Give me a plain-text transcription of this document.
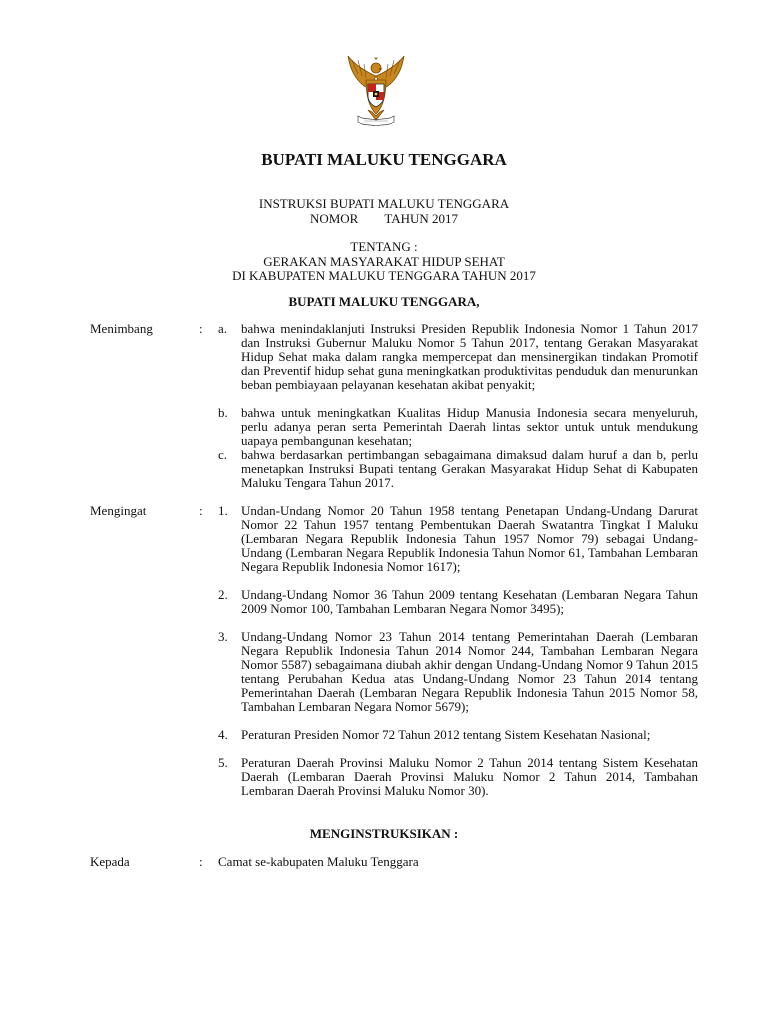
BUPATI MALUKU TENGGARA
INSTRUKSI BUPATI MALUKU TENGGARA
NOMOR TAHUN 2017
TENTANG :
GERAKAN MASYARAKAT HIDUP SEHAT
DI KABUPATEN MALUKU TENGGARA TAHUN 2017
BUPATI MALUKU TENGGARA,
Menimbang	: a. bahwa menindaklanjuti Instruksi Presiden Republik Indonesia Nomor 1 Tahun 2017 dan Instruksi Gubernur Maluku Nomor 5 Tahun 2017, tentang Gerakan Masyarakat Hidup Sehat maka dalam rangka mempercepat dan mensinergikan tindakan Promotif dan Preventif hidup sehat guna meningkatkan produktivitas penduduk dan menurunkan beban pembiayaan pelayanan kesehatan akibat penyakit;
b. bahwa untuk meningkatkan Kualitas Hidup Manusia Indonesia secara menyeluruh, perlu adanya peran serta Pemerintah Daerah lintas sektor untuk untuk mendukung uapaya pembangunan kesehatan;
c. bahwa berdasarkan pertimbangan sebagaimana dimaksud dalam huruf a dan b, perlu menetapkan Instruksi Bupati tentang Gerakan Masyarakat Hidup Sehat di Kabupaten Maluku Tengara Tahun 2017.
Mengingat	: 1. Undan-Undang Nomor 20 Tahun 1958 tentang Penetapan Undang-Undang Darurat Nomor 22 Tahun 1957 tentang Pembentukan Daerah Swatantra Tingkat I Maluku (Lembaran Negara Republik Indonesia Tahun 1957 Nomor 79) sebagai Undang-Undang (Lembaran Negara Republik Indonesia Tahun Nomor 61, Tambahan Lembaran Negara Republik Indonesia Nomor 1617);
2. Undang-Undang Nomor 36 Tahun 2009 tentang Kesehatan (Lembaran Negara Tahun 2009 Nomor 100, Tambahan Lembaran Negara Nomor 3495);
3. Undang-Undang Nomor 23 Tahun 2014 tentang Pemerintahan Daerah (Lembaran Negara Republik Indonesia Tahun 2014 Nomor 244, Tambahan Lembaran Negara Nomor 5587) sebagaimana diubah akhir dengan Undang-Undang Nomor 9 Tahun 2015 tentang Perubahan Kedua atas Undang-Undang Nomor 23 Tahun 2014 tentang Pemerintahan Daerah (Lembaran Negara Republik Indonesia Tahun 2015 Nomor 58, Tambahan Lembaran Negara Nomor 5679);
4. Peraturan Presiden Nomor 72 Tahun 2012 tentang Sistem Kesehatan Nasional;
5. Peraturan Daerah Provinsi Maluku Nomor 2 Tahun 2014 tentang Sistem Kesehatan Daerah (Lembaran Daerah Provinsi Maluku Nomor 2 Tahun 2014, Tambahan Lembaran Daerah Provinsi Maluku Nomor 30).
MENGINSTRUKSIKAN :
Kepada	: Camat se-kabupaten Maluku Tenggara
